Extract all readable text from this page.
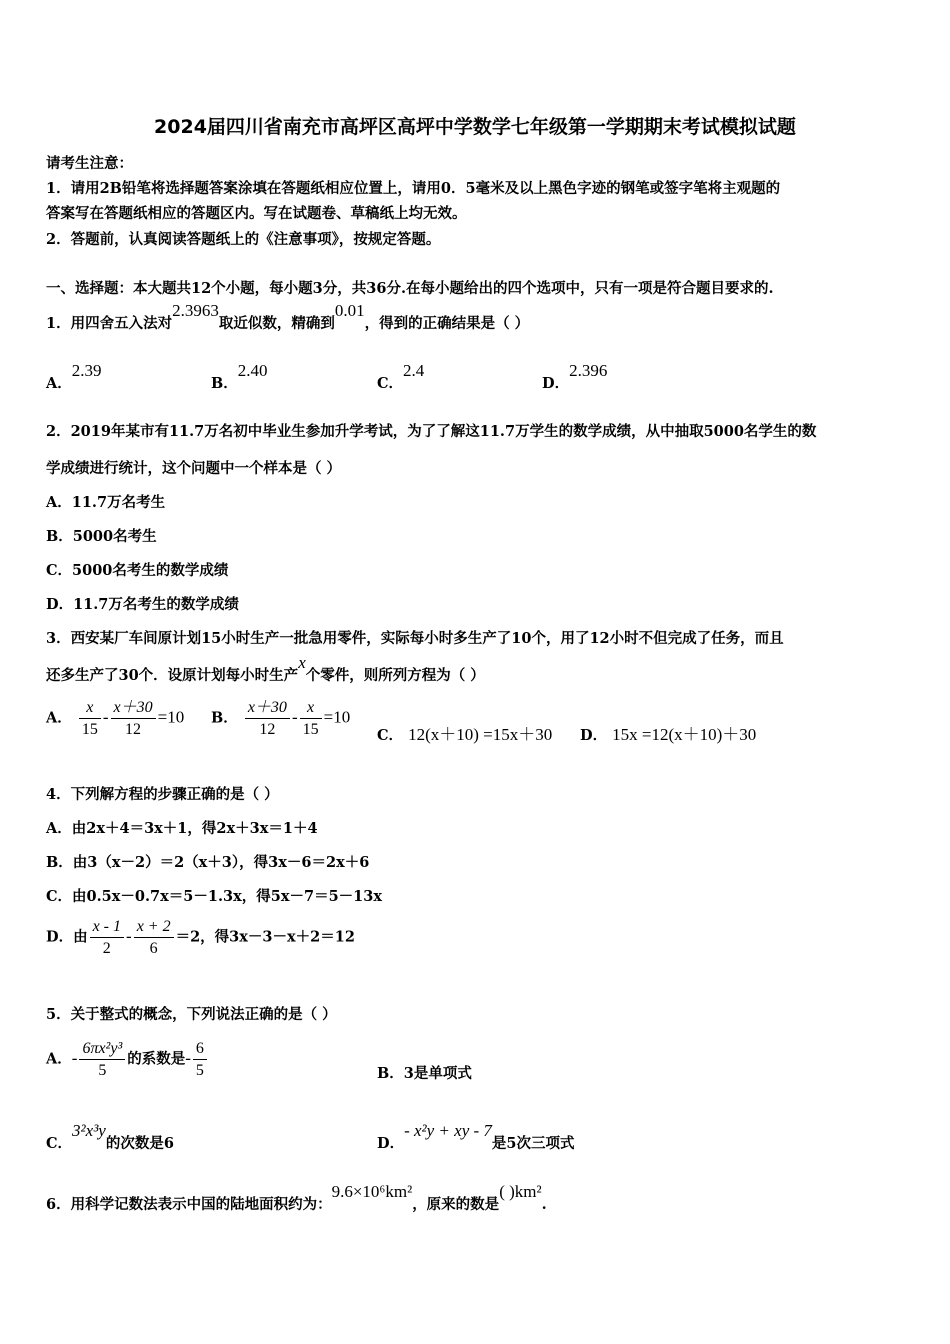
2024届四川省南充市高坪区高坪中学数学七年级第一学期期末考试模拟试题
请考生注意：
1．请用2B铅笔将选择题答案涂填在答题纸相应位置上，请用0．5毫米及以上黑色字迹的钢笔或签字笔将主观题的
答案写在答题纸相应的答题区内。写在试题卷、草稿纸上均无效。
2．答题前，认真阅读答题纸上的《注意事项》，按规定答题。
一、选择题：本大题共12个小题，每小题3分，共36分.在每小题给出的四个选项中，只有一项是符合题目要求的.
1．用四舍五入法对2.3963取近似数，精确到0.01，得到的正确结果是（ ）
A．2.39
B．2.40
C．2.4
D．2.396
2．2019年某市有11.7万名初中毕业生参加升学考试，为了了解这11.7万学生的数学成绩，从中抽取5000名学生的数
学成绩进行统计，这个问题中一个样本是（ ）
A．11.7万名考生
B．5000名考生
C．5000名考生的数学成绩
D．11.7万名考生的数学成绩
3．西安某厂车间原计划15小时生产一批急用零件，实际每小时多生产了10个，用了12小时不但完成了任务，而且
还多生产了30个．设原计划每小时生产x个零件，则所列方程为（ ）
A． $\frac{x}{15} - \frac{x+30}{12} =10$ B． $\frac{x+30}{12} - \frac{x}{15} =10$
C． 12(x＋10) =15x＋30 D． 15x =12(x＋10)＋30
4．下列解方程的步骤正确的是（ ）
A．由2x＋4＝3x＋1，得2x＋3x＝1＋4
B．由3（x－2）＝2（x＋3），得3x－6＝2x＋6
C．由0.5x－0.7x＝5－1.3x，得5x－7＝5－13x
D．由 $\frac{x - 1}{2} - \frac{x + 2}{6} =2$，得3x－3－x＋2＝12
5．关于整式的概念，下列说法正确的是（ ）
A．- $\frac{\text{6πx²y³}}{5}$ 的系数是- $\frac{6}{5}$	B．3是单项式
C．3²x³y的次数是6	D．- x²y + xy - 7是5次三项式
6．用科学记数法表示中国的陆地面积约为：9.6×10⁶km²，原来的数是( )km².
